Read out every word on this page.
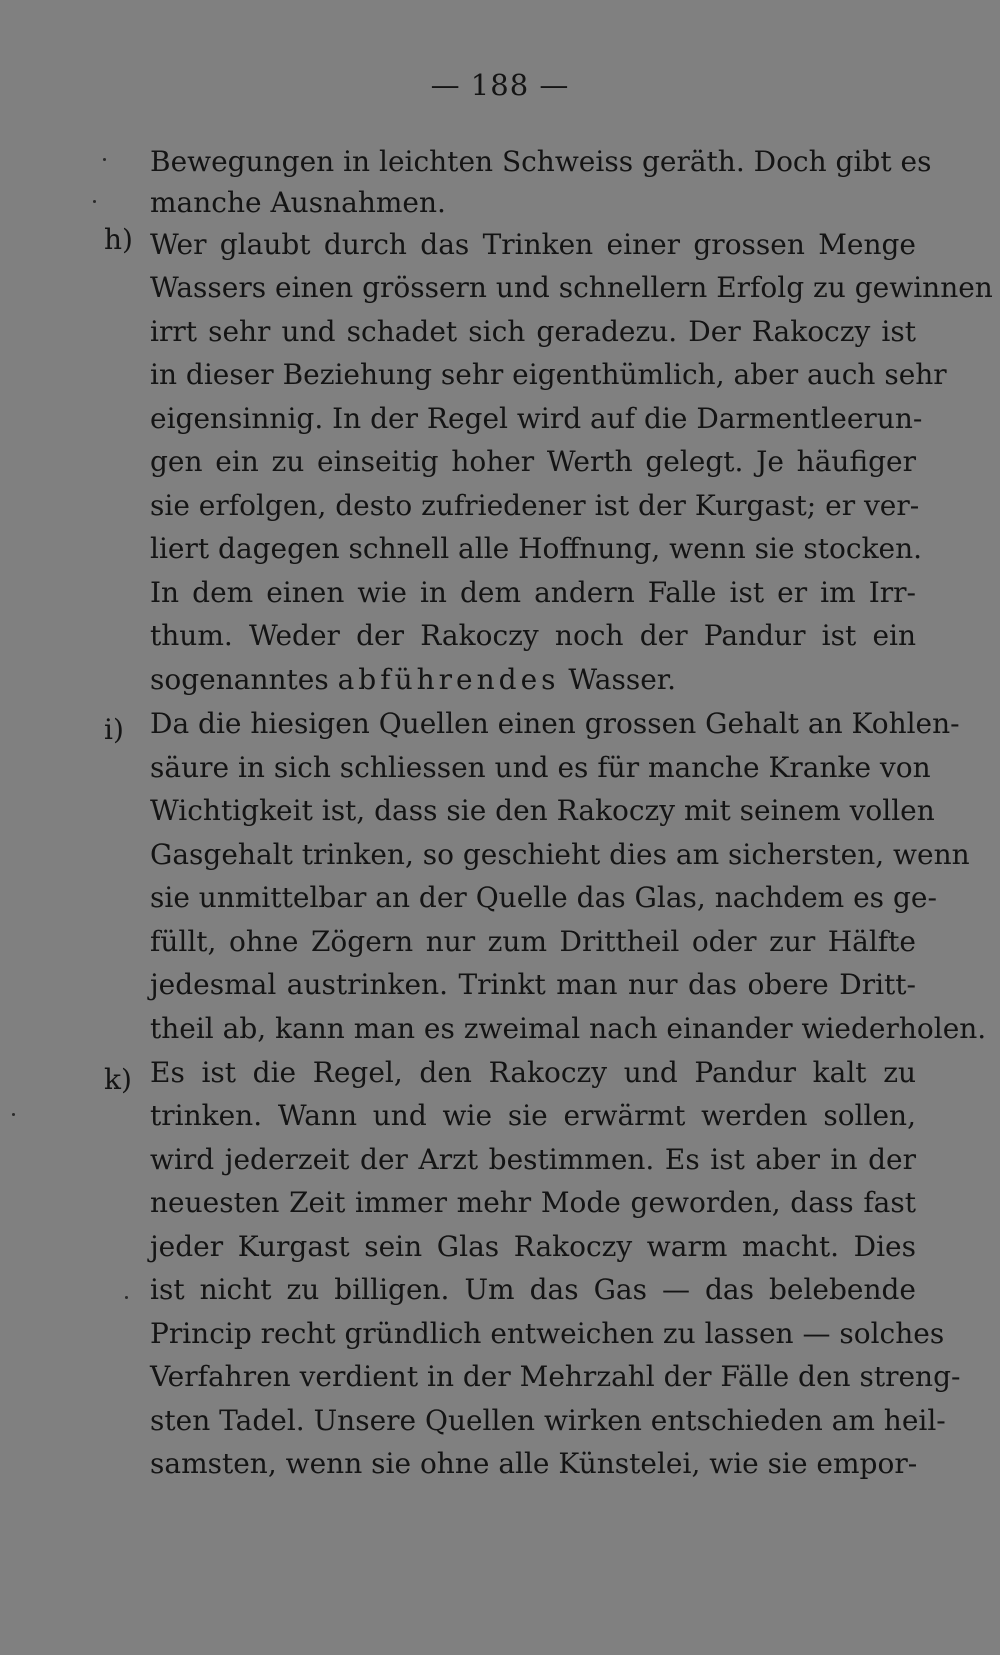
— 188 —
h)
i)
k)
Bewegungen in leichten Schweiss geräth. Doch gibt es
manche Ausnahmen.
Wer glaubt durch das Trinken einer grossen Menge
Wassers einen grössern und schnellern Erfolg zu gewinnen
irrt sehr und schadet sich geradezu. Der Rakoczy ist
in dieser Beziehung sehr eigenthümlich, aber auch sehr
eigensinnig. In der Regel wird auf die Darmentleerun-
gen ein zu einseitig hoher Werth gelegt. Je häufiger
sie erfolgen, desto zufriedener ist der Kurgast; er ver-
liert dagegen schnell alle Hoffnung, wenn sie stocken.
In dem einen wie in dem andern Falle ist er im Irr-
thum. Weder der Rakoczy noch der Pandur ist ein
sogenanntes abführendes Wasser.
Da die hiesigen Quellen einen grossen Gehalt an Kohlen-
säure in sich schliessen und es für manche Kranke von
Wichtigkeit ist, dass sie den Rakoczy mit seinem vollen
Gasgehalt trinken, so geschieht dies am sichersten, wenn
sie unmittelbar an der Quelle das Glas, nachdem es ge-
füllt, ohne Zögern nur zum Drittheil oder zur Hälfte
jedesmal austrinken. Trinkt man nur das obere Dritt-
theil ab, kann man es zweimal nach einander wiederholen.
Es ist die Regel, den Rakoczy und Pandur kalt zu
trinken. Wann und wie sie erwärmt werden sollen,
wird jederzeit der Arzt bestimmen. Es ist aber in der
neuesten Zeit immer mehr Mode geworden, dass fast
jeder Kurgast sein Glas Rakoczy warm macht. Dies
ist nicht zu billigen. Um das Gas — das belebende
Princip recht gründlich entweichen zu lassen — solches
Verfahren verdient in der Mehrzahl der Fälle den streng-
sten Tadel. Unsere Quellen wirken entschieden am heil-
samsten, wenn sie ohne alle Künstelei, wie sie empor-
